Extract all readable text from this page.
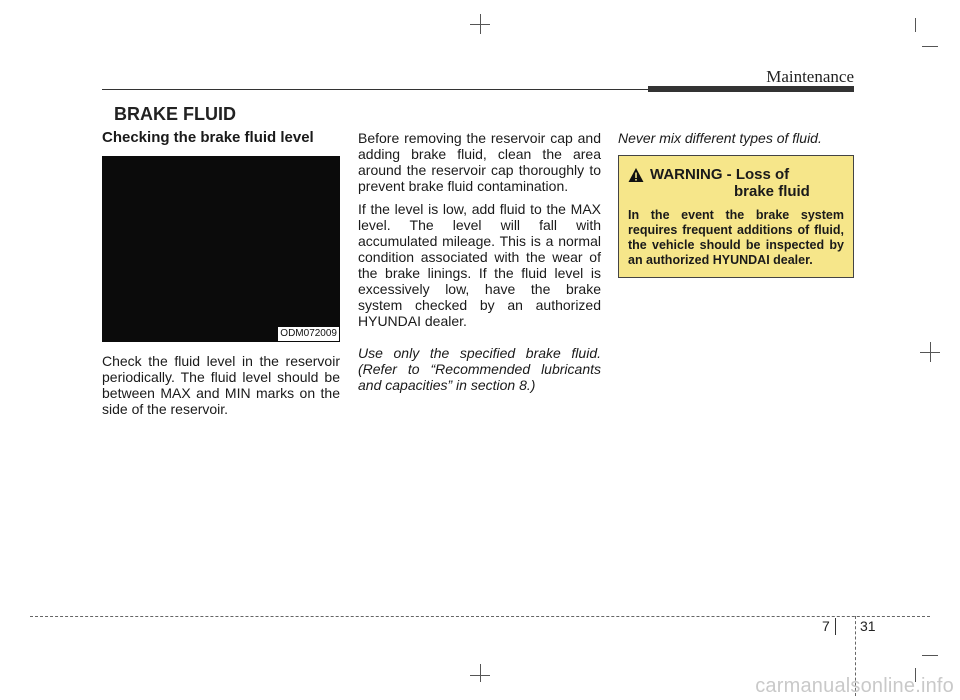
Maintenance
BRAKE FLUID
Checking the brake fluid level
ODM072009

Check the fluid level in the reservoir periodically. The fluid level should be between MAX and MIN marks on the side of the reservoir.

Before removing the reservoir cap and adding brake fluid, clean the area around the reservoir cap thoroughly to prevent brake fluid contamination.

If the level is low, add fluid to the MAX level. The level will fall with accumulated mileage. This is a normal condition associated with the wear of the brake linings. If the fluid level is excessively low, have the brake system checked by an authorized HYUNDAI dealer.

Use only the specified brake fluid. (Refer to “Recommended lubricants and capacities” in section 8.)

Never mix different types of fluid.

WARNING - Loss of
brake fluid
In the event the brake system requires frequent additions of fluid, the vehicle should be inspected by an authorized HYUNDAI dealer.
7 31
carmanualsonline.info
